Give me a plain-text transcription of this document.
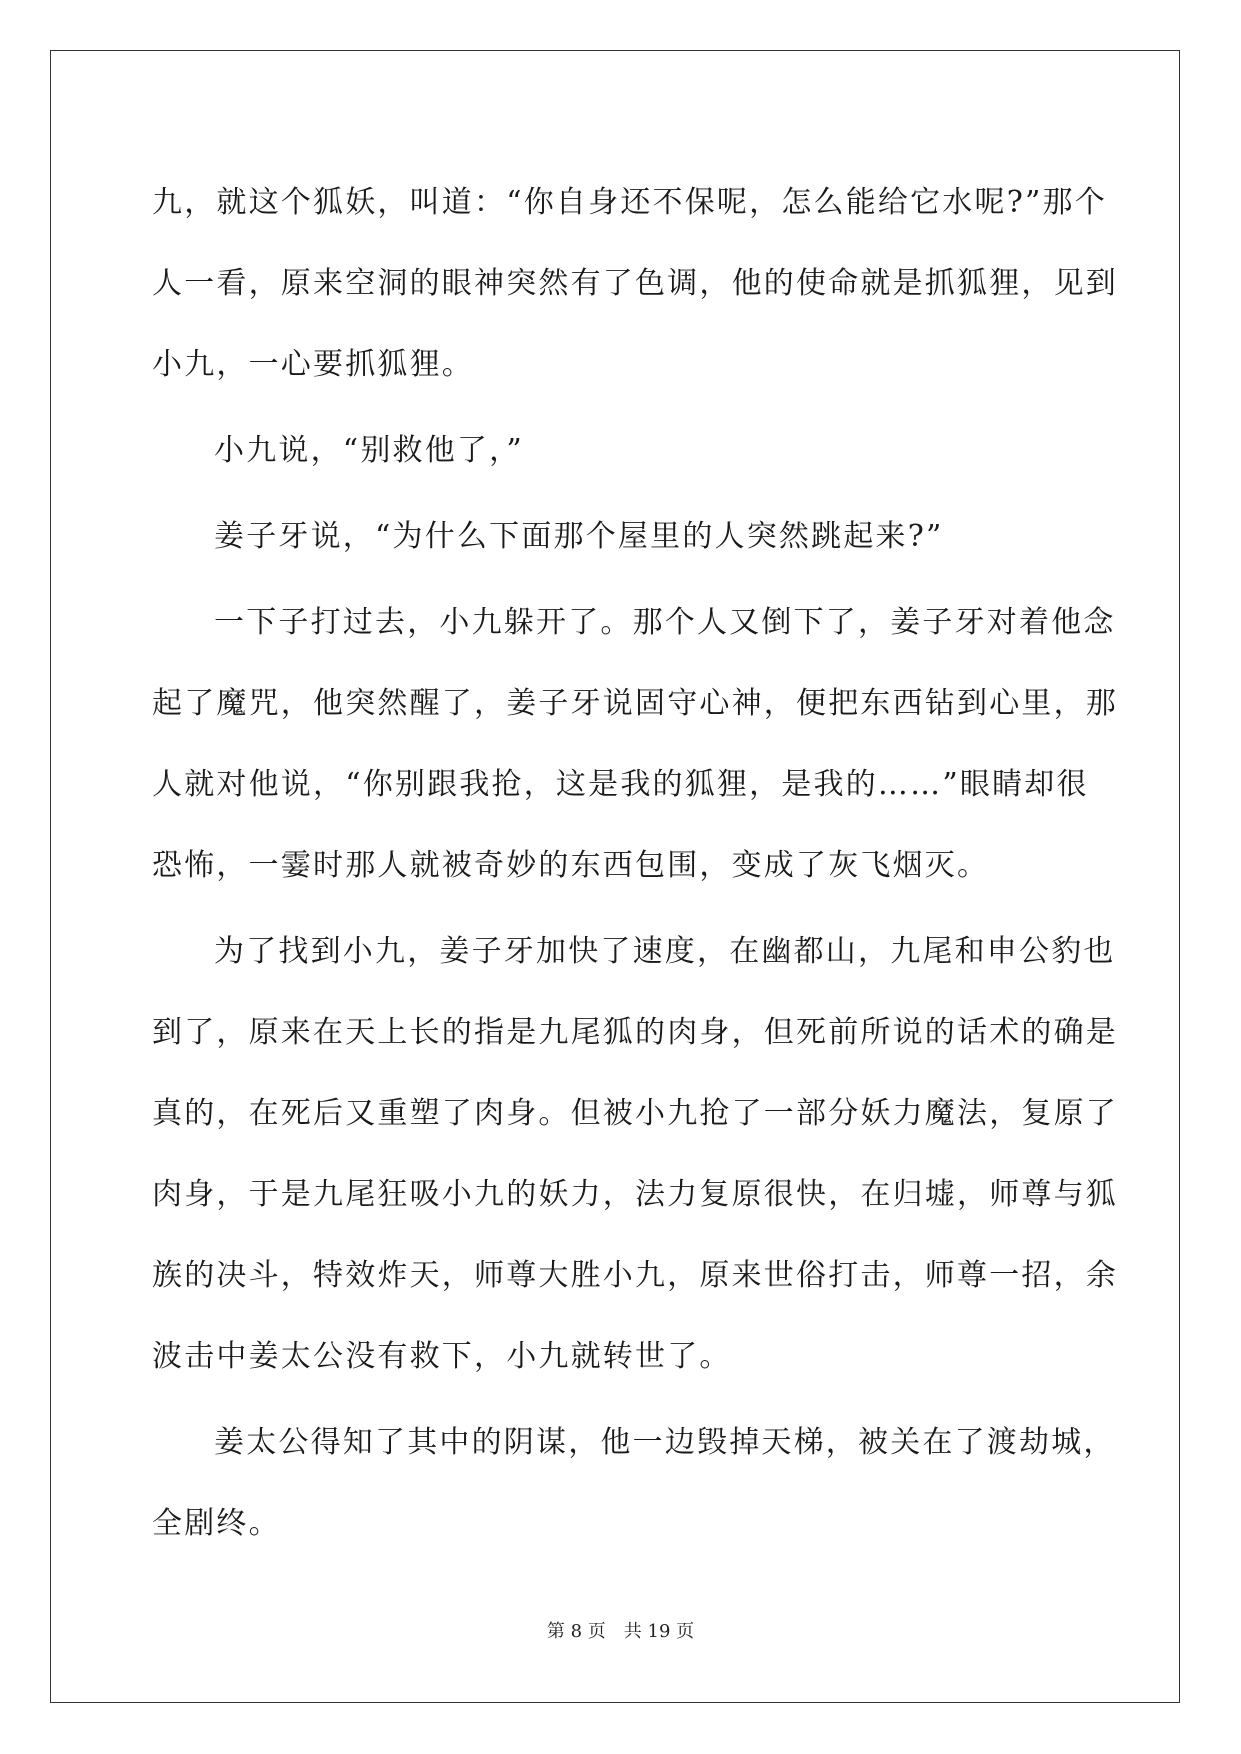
九，就这个狐妖，叫道：“你自身还不保呢，怎么能给它水呢?”那个
人一看，原来空洞的眼神突然有了色调，他的使命就是抓狐狸，见到
小九，一心要抓狐狸。

小九说，“别救他了，”

姜子牙说，“为什么下面那个屋里的人突然跳起来?”

一下子打过去，小九躲开了。那个人又倒下了，姜子牙对着他念
起了魔咒，他突然醒了，姜子牙说固守心神，便把东西钻到心里，那
人就对他说，“你别跟我抢，这是我的狐狸，是我的……”眼睛却很
恐怖，一霎时那人就被奇妙的东西包围，变成了灰飞烟灭。

为了找到小九，姜子牙加快了速度，在幽都山，九尾和申公豹也
到了，原来在天上长的指是九尾狐的肉身，但死前所说的话术的确是
真的，在死后又重塑了肉身。但被小九抢了一部分妖力魔法，复原了
肉身，于是九尾狂吸小九的妖力，法力复原很快，在归墟，师尊与狐
族的决斗，特效炸天，师尊大胜小九，原来世俗打击，师尊一招，余
波击中姜太公没有救下，小九就转世了。

姜太公得知了其中的阴谋，他一边毁掉天梯，被关在了渡劫城，
全剧终。

第 8 页 共 19 页
